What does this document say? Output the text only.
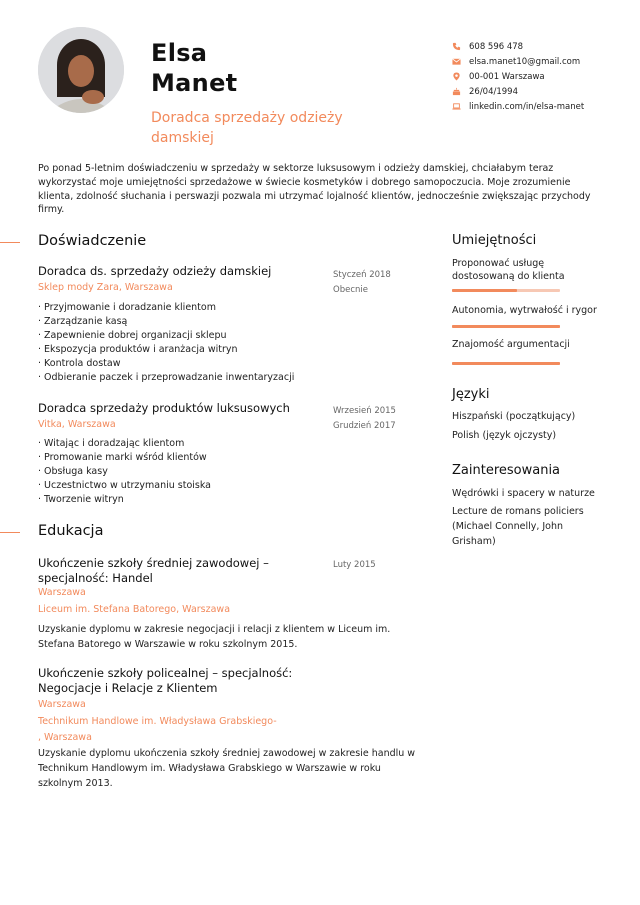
Elsa
Manet
Doradca sprzedaży odzieży damskiej
608 596 478
elsa.manet10@gmail.com
00-001 Warszawa
26/04/1994
linkedin.com/in/elsa-manet
Po ponad 5-letnim doświadczeniu w sprzedaży w sektorze luksusowym i odzieży damskiej, chciałabym teraz wykorzystać moje umiejętności sprzedażowe w świecie kosmetyków i dobrego samopoczucia. Moje zrozumienie klienta, zdolność słuchania i perswazji pozwala mi utrzymać lojalność klientów, jednocześnie zwiększając przychody firmy.
Doświadczenie
Doradca ds. sprzedaży odzieży damskiej
Sklep mody Zara, Warszawa
Styczeń 2018
Obecnie
· Przyjmowanie i doradzanie klientom
· Zarządzanie kasą
· Zapewnienie dobrej organizacji sklepu
· Ekspozycja produktów i aranżacja witryn
· Kontrola dostaw
· Odbieranie paczek i przeprowadzanie inwentaryzacji
Doradca sprzedaży produktów luksusowych
Vitka, Warszawa
Wrzesień 2015
Grudzień 2017
· Witając i doradzając klientom
· Promowanie marki wśród klientów
· Obsługa kasy
· Uczestnictwo w utrzymaniu stoiska
· Tworzenie witryn
Edukacja
Ukończenie szkoły średniej zawodowej –
specjalność: Handel
Luty 2015
Warszawa
Liceum im. Stefana Batorego, Warszawa
Uzyskanie dyplomu w zakresie negocjacji i relacji z klientem w Liceum im. Stefana Batorego w Warszawie w roku szkolnym 2015.
Ukończenie szkoły policealnej – specjalność:
Negocjacje i Relacje z Klientem
Warszawa
Technikum Handlowe im. Władysława Grabskiego-
, Warszawa
Uzyskanie dyplomu ukończenia szkoły średniej zawodowej w zakresie handlu w Technikum Handlowym im. Władysława Grabskiego w Warszawie w roku szkolnym 2013.
Umiejętności
Proponować usługę dostosowaną do klienta
Autonomia, wytrwałość i rygor
Znajomość argumentacji
Języki
Hiszpański (początkujący)
Polish (język ojczysty)
Zainteresowania
Wędrówki i spacery w naturze
Lecture de romans policiers (Michael Connelly, John Grisham)
